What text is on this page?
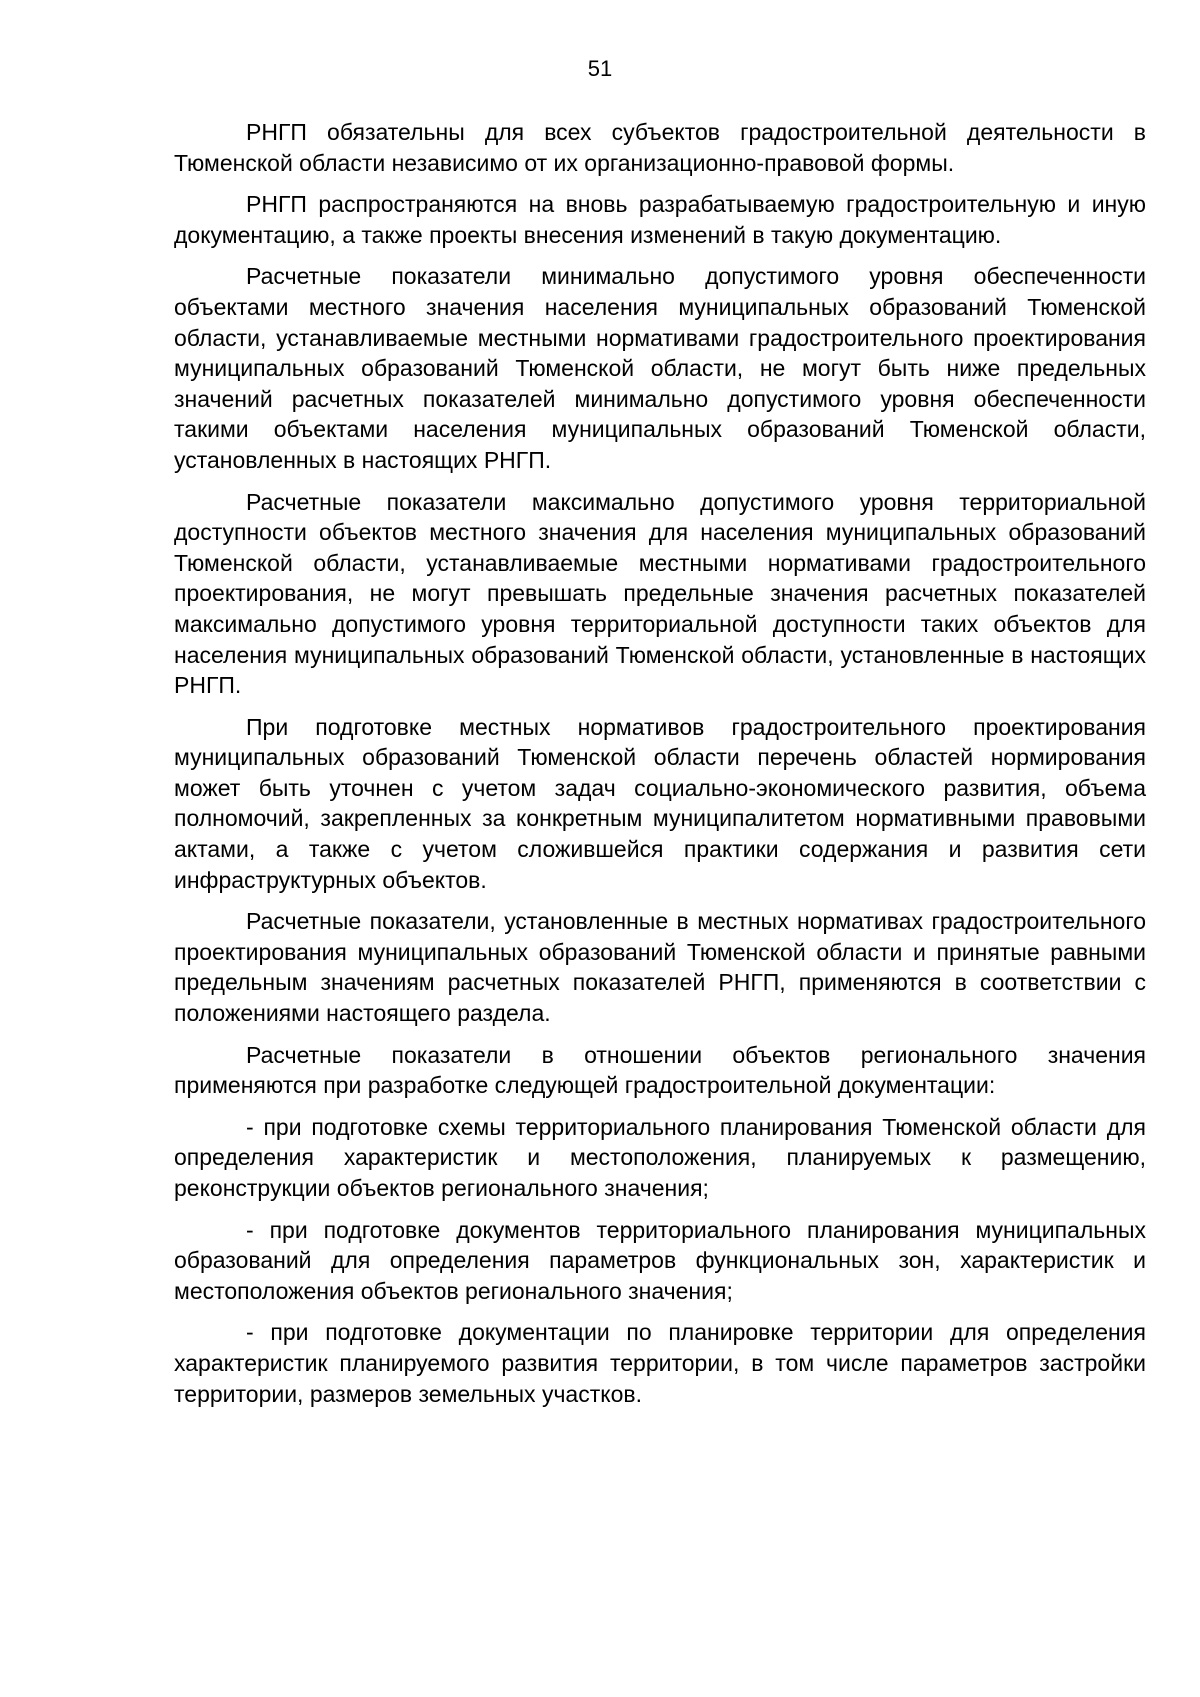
51

РНГП обязательны для всех субъектов градостроительной деятельности в Тюменской области независимо от их организационно-правовой формы.

РНГП распространяются на вновь разрабатываемую градостроительную и иную документацию, а также проекты внесения изменений в такую документацию.

Расчетные показатели минимально допустимого уровня обеспеченности объектами местного значения населения муниципальных образований Тюменской области, устанавливаемые местными нормативами градостроительного проектирования муниципальных образований Тюменской области, не могут быть ниже предельных значений расчетных показателей минимально допустимого уровня обеспеченности такими объектами населения муниципальных образований Тюменской области, установленных в настоящих РНГП.

Расчетные показатели максимально допустимого уровня территориальной доступности объектов местного значения для населения муниципальных образований Тюменской области, устанавливаемые местными нормативами градостроительного проектирования, не могут превышать предельные значения расчетных показателей максимально допустимого уровня территориальной доступности таких объектов для населения муниципальных образований Тюменской области, установленные в настоящих РНГП.

При подготовке местных нормативов градостроительного проектирования муниципальных образований Тюменской области перечень областей нормирования может быть уточнен с учетом задач социально-экономического развития, объема полномочий, закрепленных за конкретным муниципалитетом нормативными правовыми актами, а также с учетом сложившейся практики содержания и развития сети инфраструктурных объектов.

Расчетные показатели, установленные в местных нормативах градостроительного проектирования муниципальных образований Тюменской области и принятые равными предельным значениям расчетных показателей РНГП, применяются в соответствии с положениями настоящего раздела.

Расчетные показатели в отношении объектов регионального значения применяются при разработке следующей градостроительной документации:

- при подготовке схемы территориального планирования Тюменской области для определения характеристик и местоположения, планируемых к размещению, реконструкции объектов регионального значения;

- при подготовке документов территориального планирования муниципальных образований для определения параметров функциональных зон, характеристик и местоположения объектов регионального значения;

- при подготовке документации по планировке территории для определения характеристик планируемого развития территории, в том числе параметров застройки территории, размеров земельных участков.
